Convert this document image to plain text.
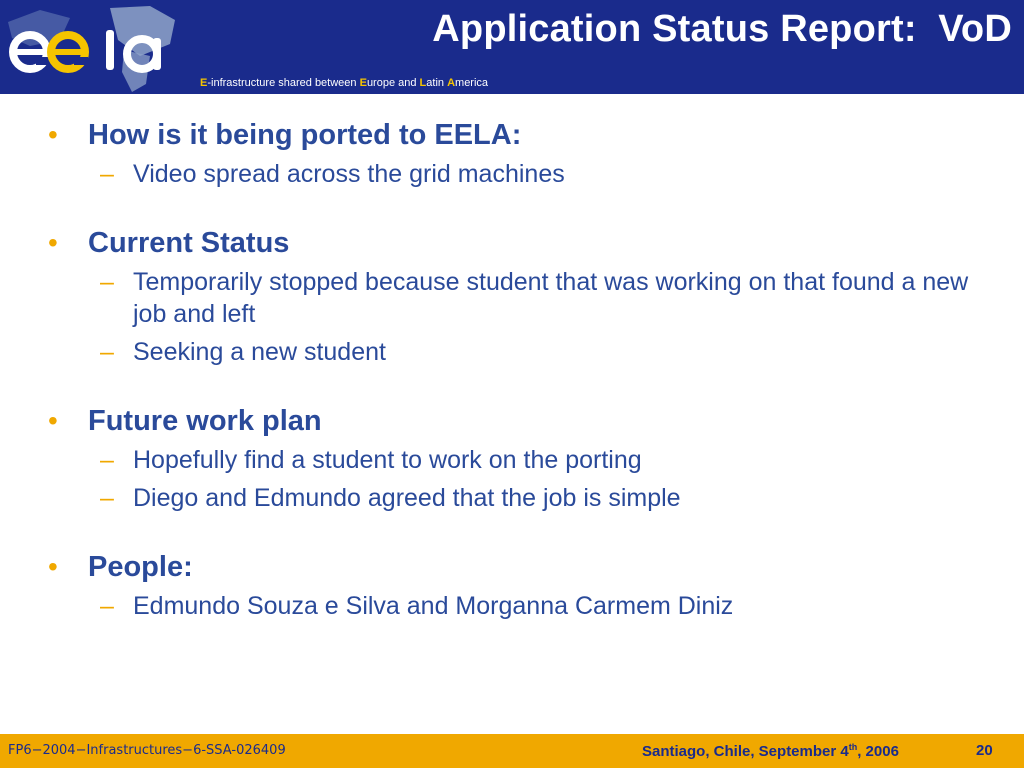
Application Status Report:  VoD
E-infrastructure shared between Europe and Latin America
•	How is it being ported to EELA:
– Video spread across the grid machines
•	Current Status
– Temporarily stopped because student that was working on that found a new job and left
– Seeking a new student
•	Future work plan
– Hopefully find a student to work on the porting
– Diego and Edmundo agreed that the job is simple
•	People:
– Edmundo Souza e Silva and Morganna Carmem Diniz
FP6−2004−Infrastructures−6-SSA-026409	Santiago, Chile, September 4th, 2006	20
